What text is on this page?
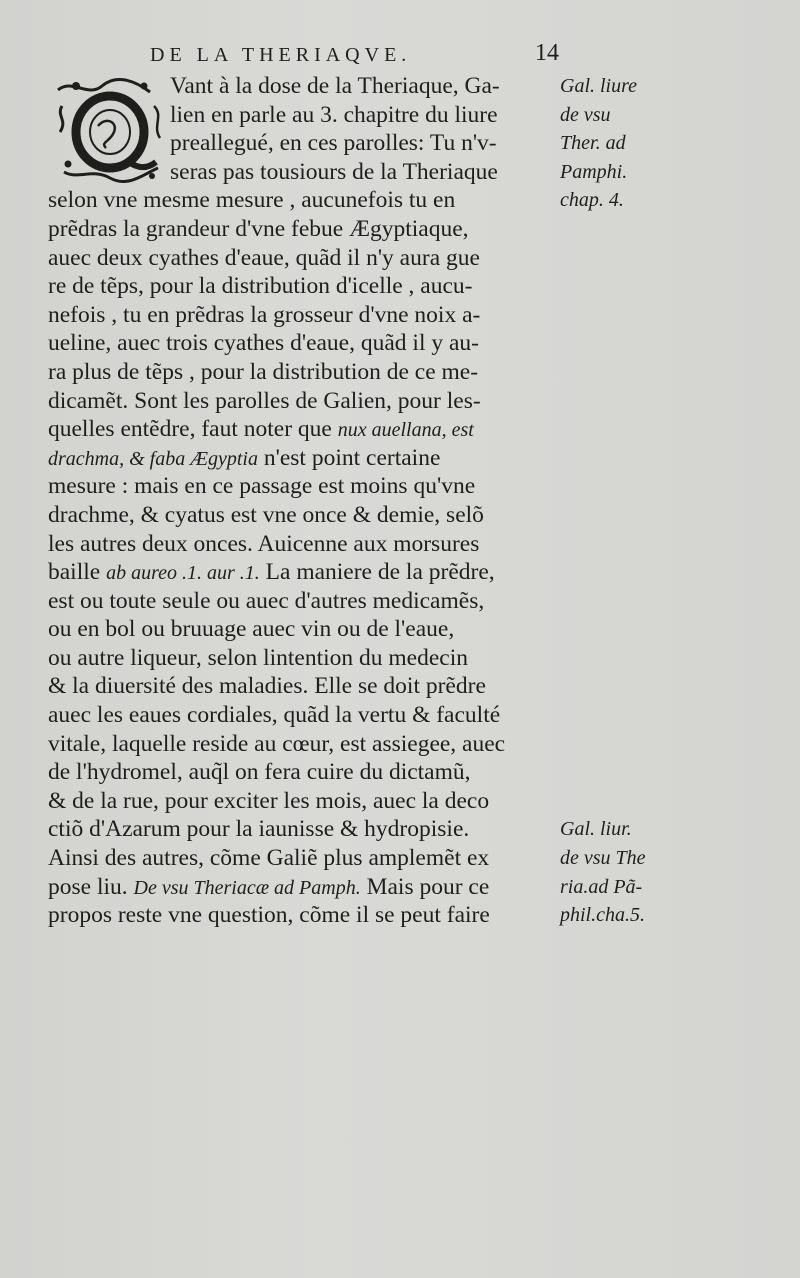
DE LA THERIAQVE.	14
Vant à la dose de la Theriaque, Ga-
lien en parle au 3. chapitre du liure
preallegué, en ces parolles: Tu n'v-
seras pas tousiours de la Theriaque
selon vne mesme mesure , aucunefois tu en
prẽdras la grandeur d'vne febue Ægyptiaque,
auec deux cyathes d'eaue, quãd il n'y aura gue
re de tẽps, pour la distribution d'icelle , aucu-
nefois , tu en prẽdras la grosseur d'vne noix a-
ueline, auec trois cyathes d'eaue, quãd il y au-
ra plus de tẽps , pour la distribution de ce me-
dicamẽt. Sont les parolles de Galien, pour les-
quelles entẽdre, faut noter que nux auellana, est
drachma, & faba Ægyptia n'est point certaine
mesure : mais en ce passage est moins qu'vne
drachme, & cyatus est vne once & demie, selõ
les autres deux onces. Auicenne aux morsures
baille ab aureo .1. aur .1. La maniere de la prẽdre,
est ou toute seule ou auec d'autres medicamẽs,
ou en bol ou bruuage auec vin ou de l'eaue,
ou autre liqueur, selon lintention du medecin
& la diuersité des maladies. Elle se doit prẽdre
auec les eaues cordiales, quãd la vertu & faculté
vitale, laquelle reside au cœur, est assiegee, auec
de l'hydromel, auq̃l on fera cuire du dictamũ,
& de la rue, pour exciter les mois, auec la deco
ctiõ d'Azarum pour la iaunisse & hydropisie.
Ainsi des autres, cõme Galiẽ plus amplemẽt ex
pose liu. De vsu Theriacæ ad Pamph. Mais pour ce
propos reste vne question, cõme il se peut faire
Gal. liure
de vsu
Ther. ad
Pamphi.
chap. 4.
Gal. liur.
de vsu The
ria.ad Pã-
phil.cha.5.
